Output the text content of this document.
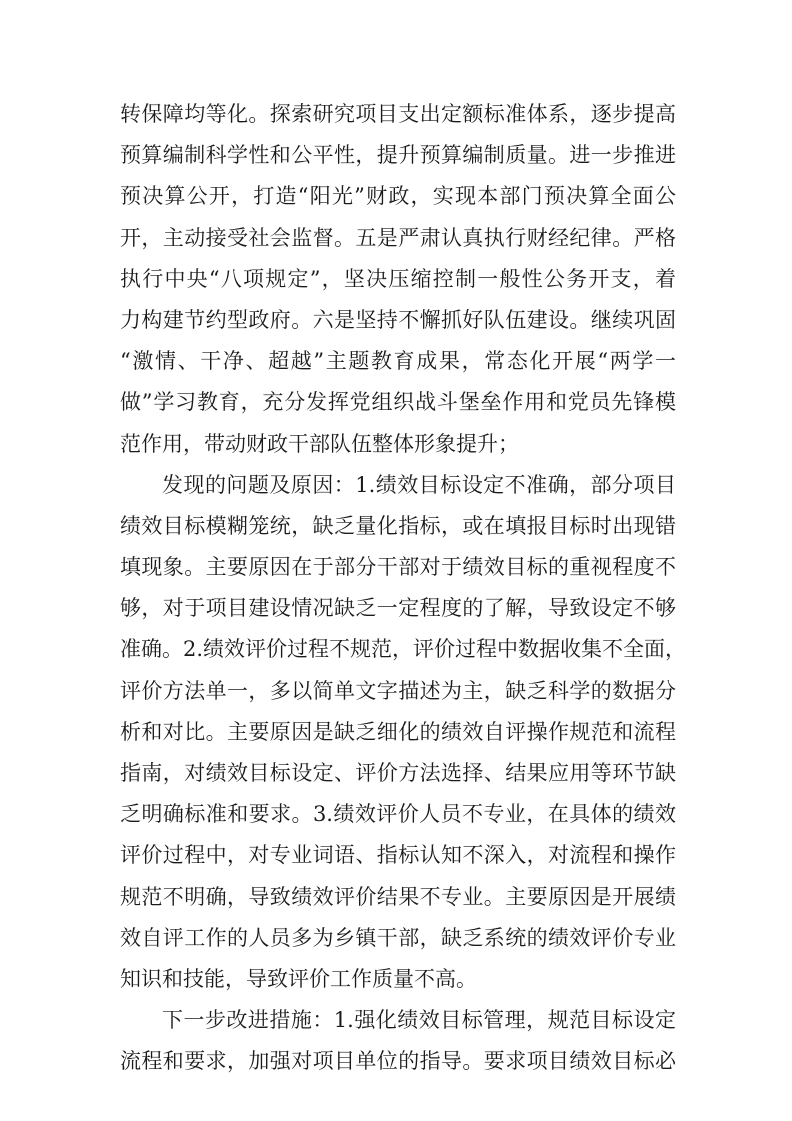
转保障均等化。探索研究项目支出定额标准体系，逐步提高
预算编制科学性和公平性，提升预算编制质量。进一步推进
预决算公开，打造“阳光”财政，实现本部门预决算全面公
开，主动接受社会监督。五是严肃认真执行财经纪律。严格
执行中央“八项规定”，坚决压缩控制一般性公务开支，着
力构建节约型政府。六是坚持不懈抓好队伍建设。继续巩固
“激情、干净、超越”主题教育成果，常态化开展“两学一
做”学习教育，充分发挥党组织战斗堡垒作用和党员先锋模
范作用，带动财政干部队伍整体形象提升；
发现的问题及原因：1.绩效目标设定不准确，部分项目
绩效目标模糊笼统，缺乏量化指标，或在填报目标时出现错
填现象。主要原因在于部分干部对于绩效目标的重视程度不
够，对于项目建设情况缺乏一定程度的了解，导致设定不够
准确。2.绩效评价过程不规范，评价过程中数据收集不全面，
评价方法单一，多以简单文字描述为主，缺乏科学的数据分
析和对比。主要原因是缺乏细化的绩效自评操作规范和流程
指南，对绩效目标设定、评价方法选择、结果应用等环节缺
乏明确标准和要求。3.绩效评价人员不专业，在具体的绩效
评价过程中，对专业词语、指标认知不深入，对流程和操作
规范不明确，导致绩效评价结果不专业。主要原因是开展绩
效自评工作的人员多为乡镇干部，缺乏系统的绩效评价专业
知识和技能，导致评价工作质量不高。
下一步改进措施：1.强化绩效目标管理，规范目标设定
流程和要求，加强对项目单位的指导。要求项目绩效目标必
